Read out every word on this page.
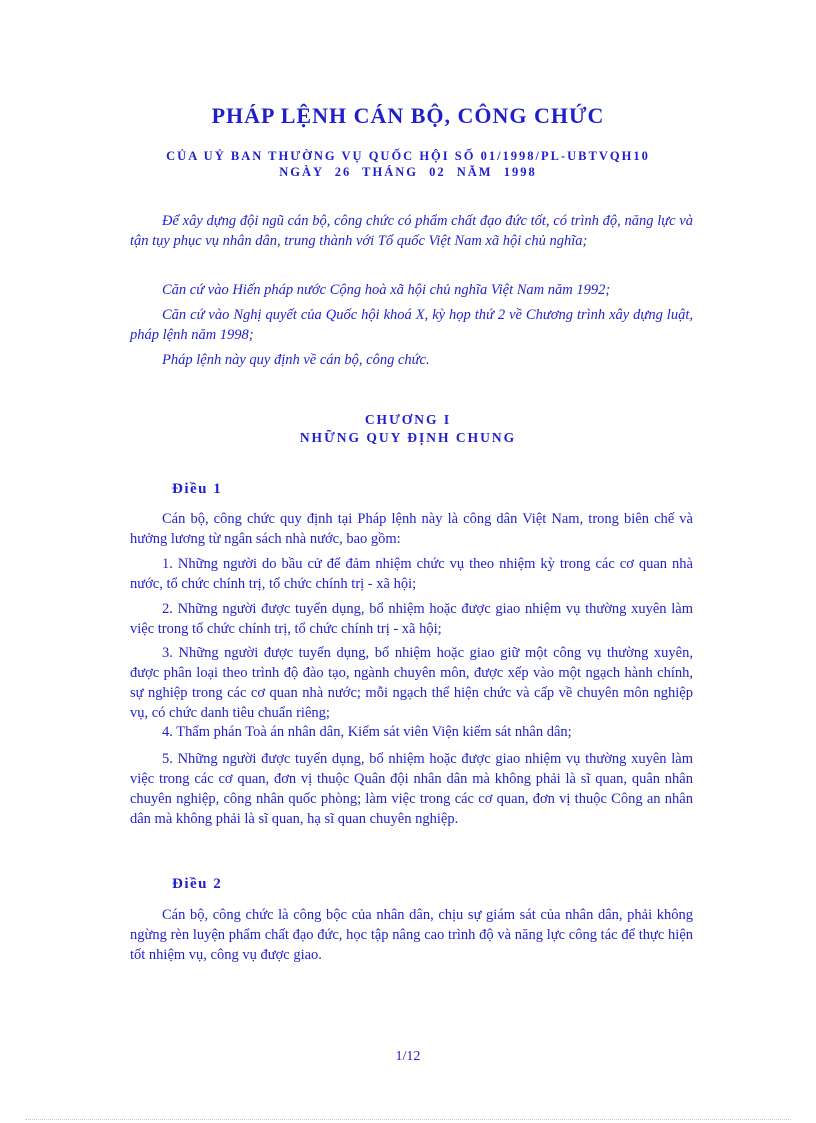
PHÁP LỆNH CÁN BỘ, CÔNG CHỨC
CỦA UỶ BAN THƯỜNG VỤ QUỐC HỘI SỐ 01/1998/PL-UBTVQH10
NGÀY 26 THÁNG 02 NĂM 1998
Để xây dựng đội ngũ cán bộ, công chức có phẩm chất đạo đức tốt, có trình độ, năng lực và tận tụy phục vụ nhân dân, trung thành với Tổ quốc Việt Nam xã hội chủ nghĩa;
Căn cứ vào Hiến pháp nước Cộng hoà xã hội chủ nghĩa Việt Nam năm 1992;
Căn cứ vào Nghị quyết của Quốc hội khoá X, kỳ họp thứ 2 về Chương trình xây dựng luật, pháp lệnh năm 1998;
Pháp lệnh này quy định về cán bộ, công chức.
CHƯƠNG I
NHỮNG QUY ĐỊNH CHUNG
Điều 1
Cán bộ, công chức quy định tại Pháp lệnh này là công dân Việt Nam, trong biên chế và hưởng lương từ ngân sách nhà nước, bao gồm:
1. Những người do bầu cử để đảm nhiệm chức vụ theo nhiệm kỳ trong các cơ quan nhà nước, tổ chức chính trị, tổ chức chính trị - xã hội;
2. Những người được tuyển dụng, bổ nhiệm hoặc được giao nhiệm vụ thường xuyên làm việc trong tổ chức chính trị, tổ chức chính trị - xã hội;
3. Những người được tuyển dụng, bổ nhiệm hoặc giao giữ một công vụ thường xuyên, được phân loại theo trình độ đào tạo, ngành chuyên môn, được xếp vào một ngạch hành chính, sự nghiệp trong các cơ quan nhà nước; mỗi ngạch thể hiện chức và cấp về chuyên môn nghiệp vụ, có chức danh tiêu chuẩn riêng;
4. Thẩm phán Toà án nhân dân, Kiểm sát viên Viện kiểm sát nhân dân;
5. Những người được tuyển dụng, bổ nhiệm hoặc được giao nhiệm vụ thường xuyên làm việc trong các cơ quan, đơn vị thuộc Quân đội nhân dân mà không phải là sĩ quan, quân nhân chuyên nghiệp, công nhân quốc phòng; làm việc trong các cơ quan, đơn vị thuộc Công an nhân dân mà không phải là sĩ quan, hạ sĩ quan chuyên nghiệp.
Điều 2
Cán bộ, công chức là công bộc của nhân dân, chịu sự giám sát của nhân dân, phải không ngừng rèn luyện phẩm chất đạo đức, học tập nâng cao trình độ và năng lực công tác để thực hiện tốt nhiệm vụ, công vụ được giao.
1/12
